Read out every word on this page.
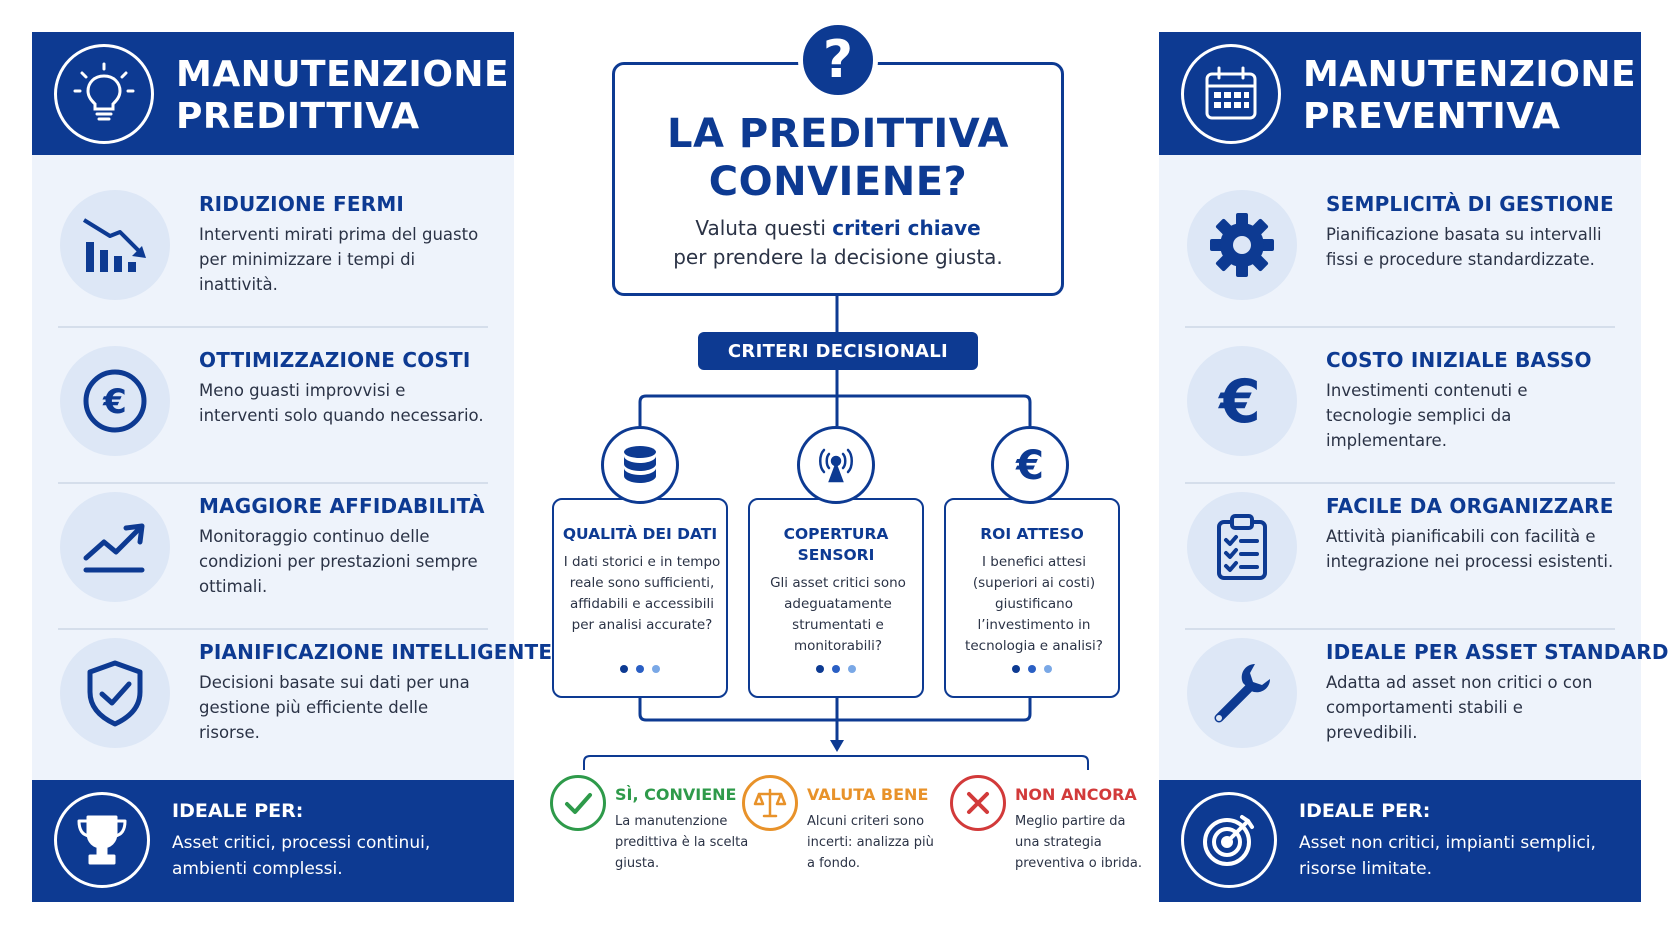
MANUTENZIONE
PREDITTIVA
RIDUZIONE FERMI
Interventi mirati prima del guasto per minimizzare i tempi di inattività.
€
OTTIMIZZAZIONE COSTI
Meno guasti improvvisi e interventi solo quando necessario.
MAGGIORE AFFIDABILITÀ
Monitoraggio continuo delle condizioni per prestazioni sempre ottimali.
PIANIFICAZIONE INTELLIGENTE
Decisioni basate sui dati per una gestione più efficiente delle risorse.
IDEALE PER:
Asset critici, processi continui, ambienti complessi.
MANUTENZIONE
PREVENTIVA
SEMPLICITÀ DI GESTIONE
Pianificazione basata su intervalli fissi e procedure standardizzate.
€
COSTO INIZIALE BASSO
Investimenti contenuti e tecnologie semplici da implementare.
FACILE DA ORGANIZZARE
Attività pianificabili con facilità e integrazione nei processi esistenti.
IDEALE PER ASSET STANDARD
Adatta ad asset non critici o con comportamenti stabili e prevedibili.
IDEALE PER:
Asset non critici, impianti semplici, risorse limitate.
?
LA PREDITTIVA
CONVIENE?
Valuta questi criteri chiave
per prendere la decisione giusta.
CRITERI DECISIONALI
QUALITÀ DEI DATI
I dati storici e in tempo reale sono sufficienti, affidabili e accessibili per analisi accurate?
COPERTURA SENSORI
Gli asset critici sono adeguatamente strumentati e monitorabili?
ROI ATTESO
I benefici attesi (superiori ai costi) giustificano l’investimento in tecnologia e analisi?
€
SÌ, CONVIENE
La manutenzione predittiva è la scelta giusta.
VALUTA BENE
Alcuni criteri sono incerti: analizza più a fondo.
NON ANCORA
Meglio partire da una strategia preventiva o ibrida.
